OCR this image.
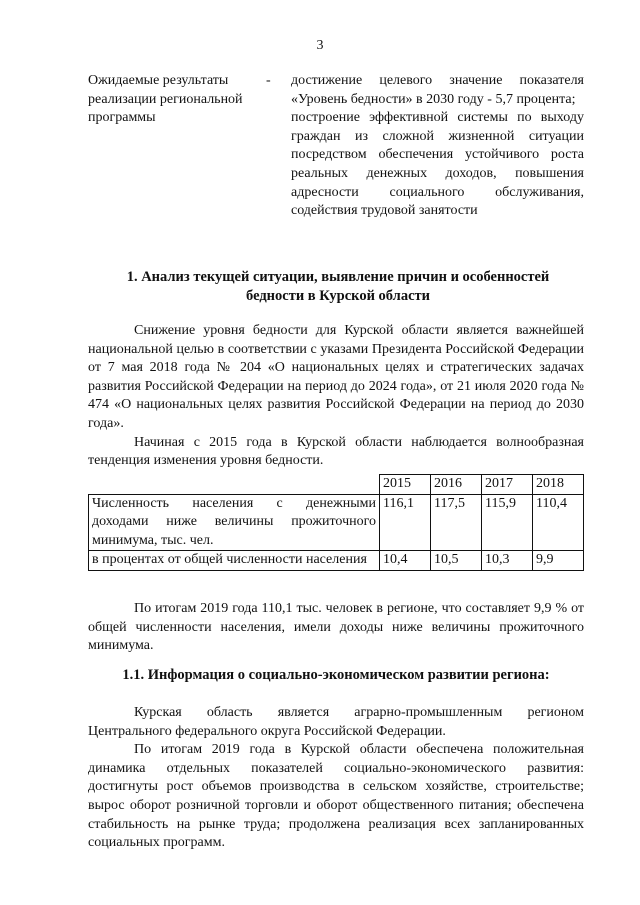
3
Ожидаемые результаты реализации региональной программы
- достижение целевого значение показателя «Уровень бедности» в 2030 году - 5,7 процента;

построение эффективной системы по выходу граждан из сложной жизненной ситуации посредством обеспечения устойчивого роста реальных денежных доходов, повышения адресности социального обслуживания, содействия трудовой занятости

1. Анализ текущей ситуации, выявление причин и особенностей бедности в Курской области

Снижение уровня бедности для Курской области является важнейшей национальной целью в соответствии с указами Президента Российской Федерации от 7 мая 2018 года № 204 «О национальных целях и стратегических задачах развития Российской Федерации на период до 2024 года», от 21 июля 2020 года № 474 «О национальных целях развития Российской Федерации на период до 2030 года».

Начиная с 2015 года в Курской области наблюдается волнообразная тенденция изменения уровня бедности.

	2015	2016	2017	2018
Численность населения с денежными доходами ниже величины прожиточного минимума, тыс. чел.	116,1	117,5	115,9	110,4
в процентах от общей численности населения	10,4	10,5	10,3	9,9

По итогам 2019 года 110,1 тыс. человек в регионе, что составляет 9,9 % от общей численности населения, имели доходы ниже величины прожиточного минимума.

1.1. Информация о социально-экономическом развитии региона:

Курская область является аграрно-промышленным регионом Центрального федерального округа Российской Федерации.

По итогам 2019 года в Курской области обеспечена положительная динамика отдельных показателей социально-экономического развития: достигнуты рост объемов производства в сельском хозяйстве, строительстве; вырос оборот розничной торговли и оборот общественного питания; обеспечена стабильность на рынке труда; продолжена реализация всех запланированных социальных программ.
